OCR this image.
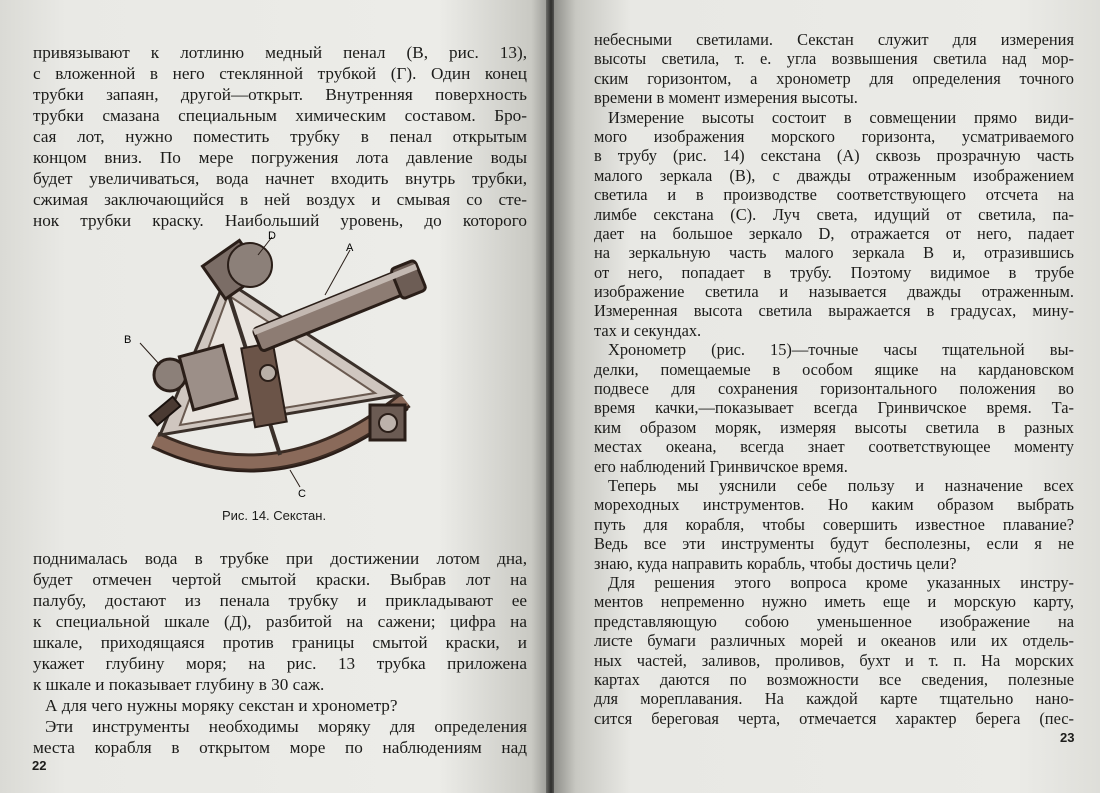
привязывают к лотлиню медный пенал (В, рис. 13),
с вложенной в него стеклянной трубкой (Г). Один конец
трубки запаян, другой—открыт. Внутренняя поверхность
трубки смазана специальным химическим составом. Бро-
сая лот, нужно поместить трубку в пенал открытым
концом вниз. По мере погружения лота давление воды
будет увеличиваться, вода начнет входить внутрь трубки,
сжимая заключающийся в ней воздух и смывая со сте-
нок трубки краску. Наибольший уровень, до которого
D
A
B
C
Рис. 14. Секстан.
поднималась вода в трубке при достижении лотом дна,
будет отмечен чертой смытой краски. Выбрав лот на
палубу, достают из пенала трубку и прикладывают ее
к специальной шкале (Д), разбитой на сажени; цифра на
шкале, приходящаяся против границы смытой краски, и
укажет глубину моря; на рис. 13 трубка приложена
к шкале и показывает глубину в 30 саж.
А для чего нужны моряку секстан и хронометр?
Эти инструменты необходимы моряку для определения
места корабля в открытом море по наблюдениям над
22
небесными светилами. Секстан служит для измерения
высоты светила, т. е. угла возвышения светила над мор-
ским горизонтом, а хронометр для определения точного
времени в момент измерения высоты.
Измерение высоты состоит в совмещении прямо види-
мого изображения морского горизонта, усматриваемого
в трубу (рис. 14) секстана (А) сквозь прозрачную часть
малого зеркала (В), с дважды отраженным изображением
светила и в производстве соответствующего отсчета на
лимбе секстана (С). Луч света, идущий от светила, па-
дает на большое зеркало D, отражается от него, падает
на зеркальную часть малого зеркала В и, отразившись
от него, попадает в трубу. Поэтому видимое в трубе
изображение светила и называется дважды отраженным.
Измеренная высота светила выражается в градусах, мину-
тах и секундах.
Хронометр (рис. 15)—точные часы тщательной вы-
делки, помещаемые в особом ящике на кардановском
подвесе для сохранения горизонтального положения во
время качки,—показывает всегда Гринвичское время. Та-
ким образом моряк, измеряя высоты светила в разных
местах океана, всегда знает соответствующее моменту
его наблюдений Гринвичское время.
Теперь мы уяснили себе пользу и назначение всех
мореходных инструментов. Но каким образом выбрать
путь для корабля, чтобы совершить известное плавание?
Ведь все эти инструменты будут бесполезны, если я не
знаю, куда направить корабль, чтобы достичь цели?
Для решения этого вопроса кроме указанных инстру-
ментов непременно нужно иметь еще и морскую карту,
представляющую собою уменьшенное изображение на
листе бумаги различных морей и океанов или их отдель-
ных частей, заливов, проливов, бухт и т. п. На морских
картах даются по возможности все сведения, полезные
для мореплавания. На каждой карте тщательно нано-
сится береговая черта, отмечается характер берега (пес-
23
